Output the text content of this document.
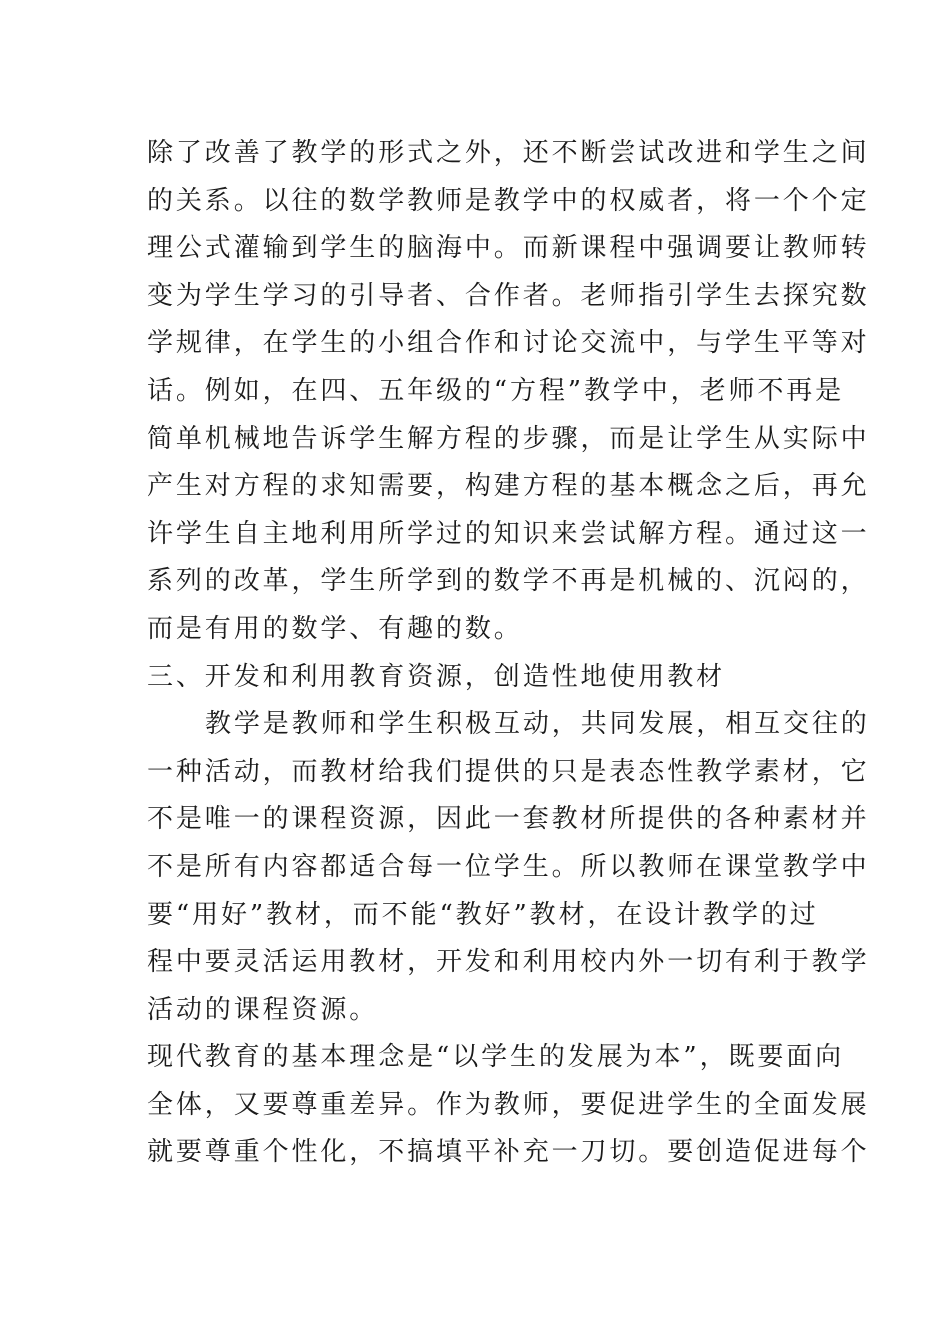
除了改善了教学的形式之外，还不断尝试改进和学生之间
的关系。以往的数学教师是教学中的权威者，将一个个定
理公式灌输到学生的脑海中。而新课程中强调要让教师转
变为学生学习的引导者、合作者。老师指引学生去探究数
学规律，在学生的小组合作和讨论交流中，与学生平等对
话。例如，在四、五年级的“方程”教学中，老师不再是
简单机械地告诉学生解方程的步骤，而是让学生从实际中
产生对方程的求知需要，构建方程的基本概念之后，再允
许学生自主地利用所学过的知识来尝试解方程。通过这一
系列的改革，学生所学到的数学不再是机械的、沉闷的，
而是有用的数学、有趣的数。
三、开发和利用教育资源，创造性地使用教材
教学是教师和学生积极互动，共同发展，相互交往的
一种活动，而教材给我们提供的只是表态性教学素材，它
不是唯一的课程资源，因此一套教材所提供的各种素材并
不是所有内容都适合每一位学生。所以教师在课堂教学中
要“用好”教材，而不能“教好”教材，在设计教学的过
程中要灵活运用教材，开发和利用校内外一切有利于教学
活动的课程资源。
现代教育的基本理念是“以学生的发展为本”，既要面向
全体，又要尊重差异。作为教师，要促进学生的全面发展
就要尊重个性化，不搞填平补充一刀切。要创造促进每个
